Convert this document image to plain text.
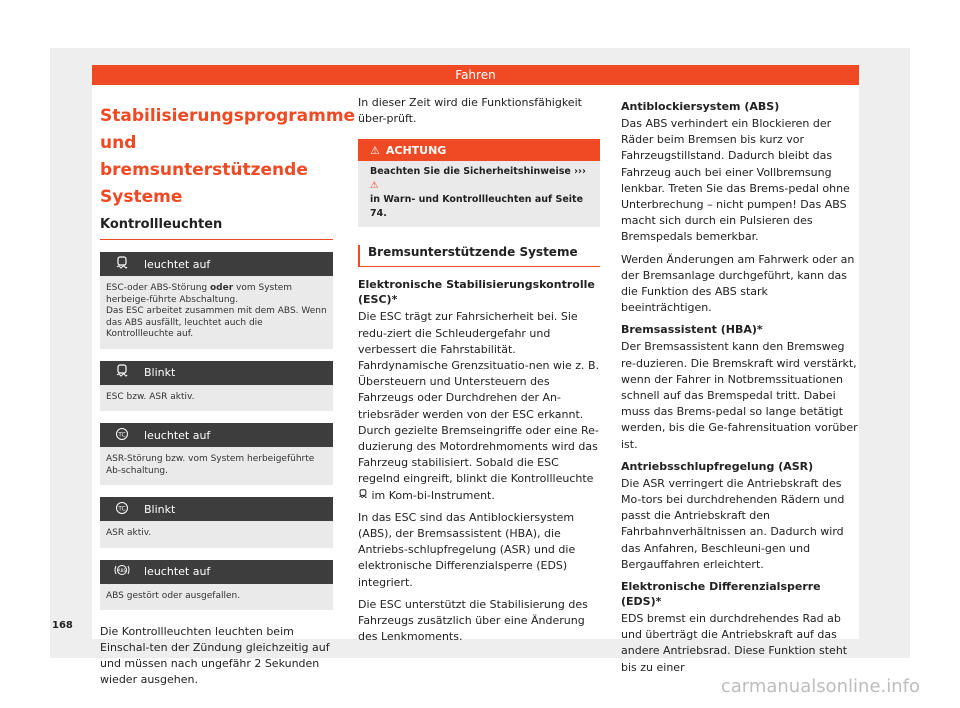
Fahren
Stabilisierungsprogramme
und bremsunterstützende
Systeme
Kontrollleuchten
leuchtet auf
ESC-oder ABS-Störung oder vom System herbeige-führte Abschaltung.
Das ESC arbeitet zusammen mit dem ABS. Wenn das ABS ausfällt, leuchtet auch die Kontrollleuchte auf.
Blinkt
ESC bzw. ASR aktiv.
TC leuchtet auf
ASR-Störung bzw. vom System herbeigeführte Ab-schaltung.
TC Blinkt
ASR aktiv.
ABS leuchtet auf
ABS gestört oder ausgefallen.

Die Kontrollleuchten leuchten beim Einschal-ten der Zündung gleichzeitig auf und müssen nach ungefähr 2 Sekunden wieder ausgehen.

In dieser Zeit wird die Funktionsfähigkeit über-prüft.

⚠ ACHTUNG
Beachten Sie die Sicherheitshinweise ››› ⚠
in Warn- und Kontrollleuchten auf Seite 74.
Bremsunterstützende Systeme
Elektronische Stabilisierungskontrolle (ESC)*

Die ESC trägt zur Fahrsicherheit bei. Sie redu-ziert die Schleudergefahr und verbessert die Fahrstabilität. Fahrdynamische Grenzsituatio-nen wie z. B. Übersteuern und Untersteuern des Fahrzeugs oder Durchdrehen der An-triebsräder werden von der ESC erkannt. Durch gezielte Bremseingriffe oder eine Re-duzierung des Motordrehmoments wird das Fahrzeug stabilisiert. Sobald die ESC regelnd eingreift, blinkt die Kontrollleuchte  im Kom-bi-Instrument.

In das ESC sind das Antiblockiersystem (ABS), der Bremsassistent (HBA), die Antriebs-schlupfregelung (ASR) und die elektronische Differenzialsperre (EDS) integriert.

Die ESC unterstützt die Stabilisierung des Fahrzeugs zusätzlich über eine Änderung des Lenkmoments.

Antiblockiersystem (ABS)

Das ABS verhindert ein Blockieren der Räder beim Bremsen bis kurz vor Fahrzeugstillstand. Dadurch bleibt das Fahrzeug auch bei einer Vollbremsung lenkbar. Treten Sie das Brems-pedal ohne Unterbrechung – nicht pumpen! Das ABS macht sich durch ein Pulsieren des Bremspedals bemerkbar.

Werden Änderungen am Fahrwerk oder an der Bremsanlage durchgeführt, kann das die Funktion des ABS stark beeinträchtigen.

Bremsassistent (HBA)*

Der Bremsassistent kann den Bremsweg re-duzieren. Die Bremskraft wird verstärkt, wenn der Fahrer in Notbremssituationen schnell auf das Bremspedal tritt. Dabei muss das Brems-pedal so lange betätigt werden, bis die Ge-fahrensituation vorüber ist.

Antriebsschlupfregelung (ASR)

Die ASR verringert die Antriebskraft des Mo-tors bei durchdrehenden Rädern und passt die Antriebskraft den Fahrbahnverhältnissen an. Dadurch wird das Anfahren, Beschleuni-gen und Bergauffahren erleichtert.

Elektronische Differenzialsperre (EDS)*

EDS bremst ein durchdrehendes Rad ab und überträgt die Antriebskraft auf das andere Antriebsrad. Diese Funktion steht bis zu einer

168
carmanualsonline.info
